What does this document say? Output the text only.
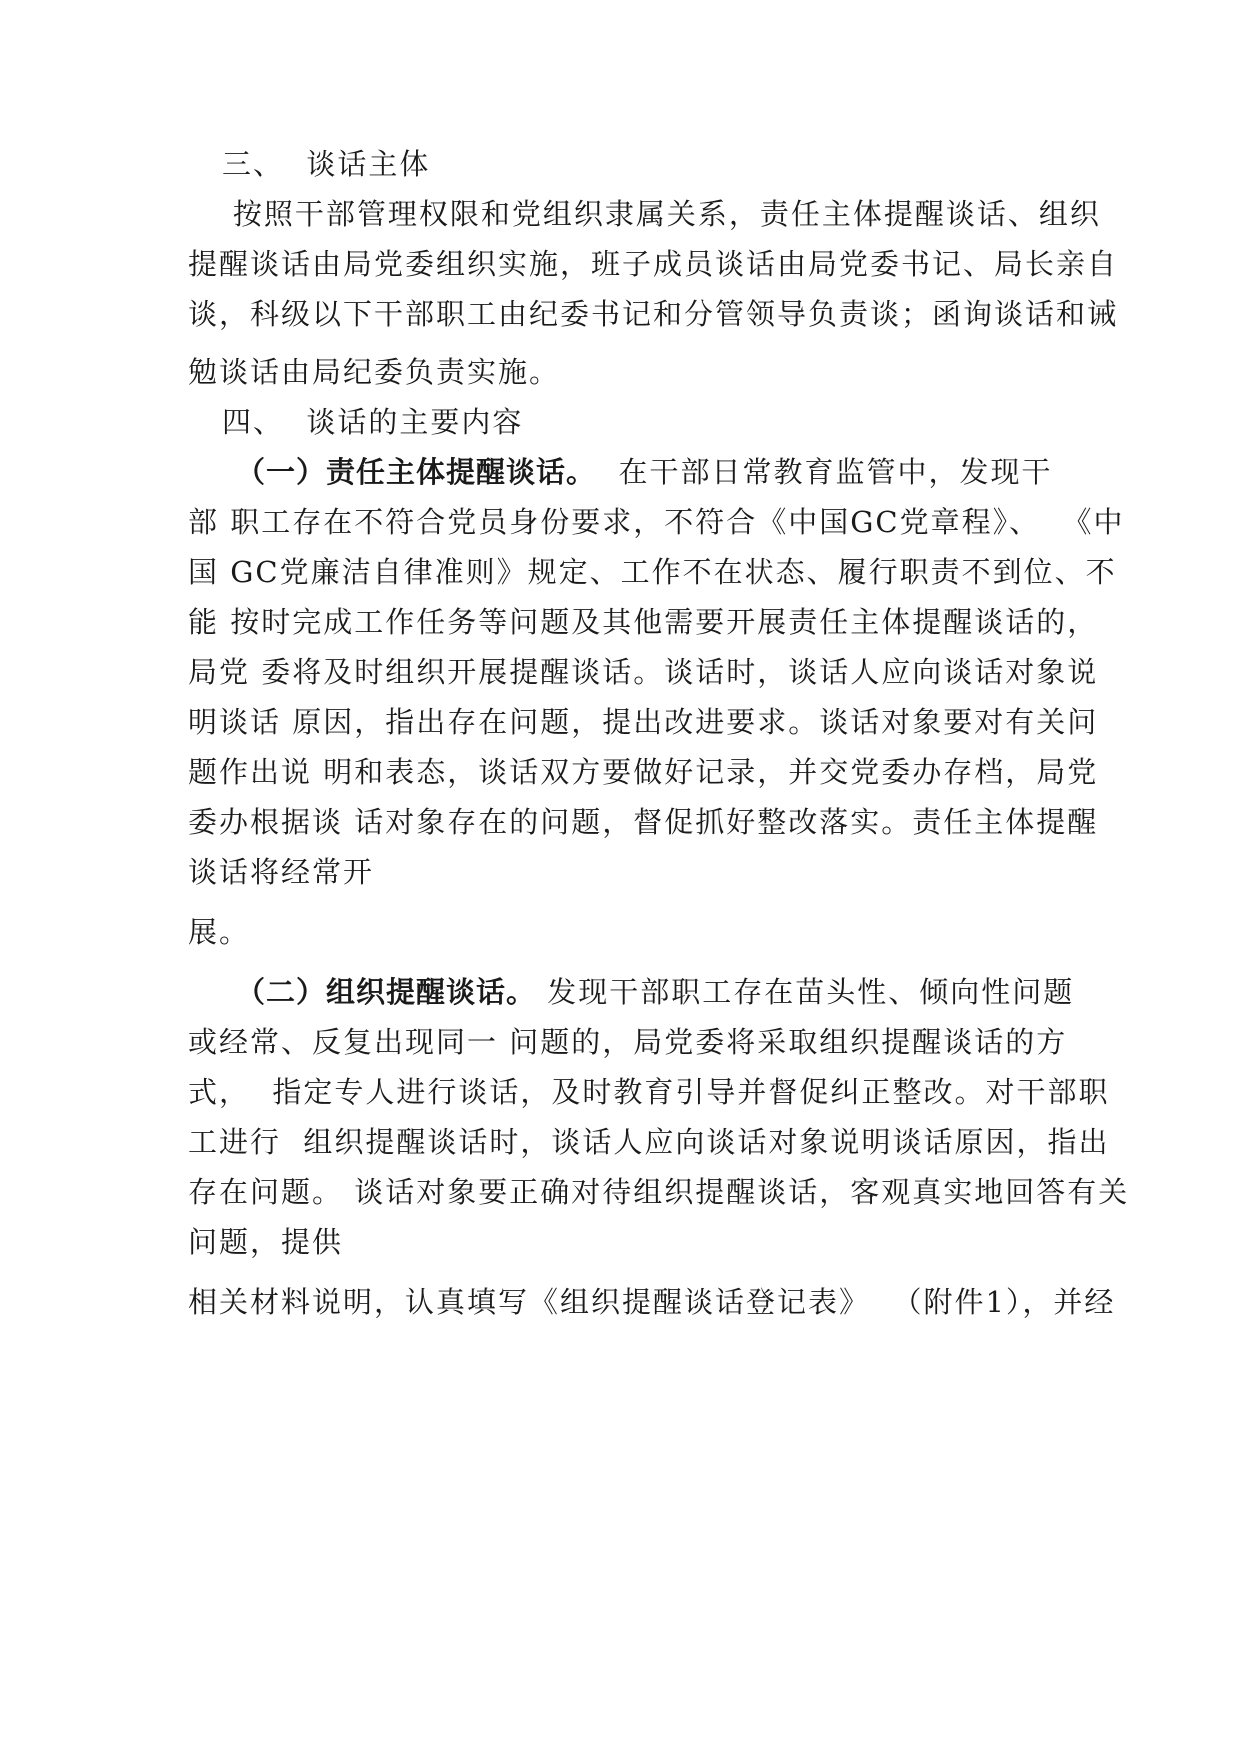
三、  谈话主体
按照干部管理权限和党组织隶属关系，责任主体提醒谈话、组织
提醒谈话由局党委组织实施，班子成员谈话由局党委书记、局长亲自
谈，科级以下干部职工由纪委书记和分管领导负责谈；函询谈话和诫
勉谈话由局纪委负责实施。
四、  谈话的主要内容
（一）责任主体提醒谈话。  在干部日常教育监管中，发现干
部 职工存在不符合党员身份要求，不符合《中国GC党章程》、  《中
国 GC党廉洁自律准则》规定、工作不在状态、履行职责不到位、不
能 按时完成工作任务等问题及其他需要开展责任主体提醒谈话的，
局党 委将及时组织开展提醒谈话。谈话时，谈话人应向谈话对象说
明谈话 原因，指出存在问题，提出改进要求。谈话对象要对有关问
题作出说 明和表态，谈话双方要做好记录，并交党委办存档，局党
委办根据谈 话对象存在的问题，督促抓好整改落实。责任主体提醒
谈话将经常开
展。
（二）组织提醒谈话。 发现干部职工存在苗头性、倾向性问题
或经常、反复出现同一 问题的，局党委将采取组织提醒谈话的方
式，  指定专人进行谈话，及时教育引导并督促纠正整改。对干部职
工进行  组织提醒谈话时，谈话人应向谈话对象说明谈话原因，指出
存在问题。 谈话对象要正确对待组织提醒谈话，客观真实地回答有关
问题，提供
相关材料说明，认真填写《组织提醒谈话登记表》  （附件1），并经
